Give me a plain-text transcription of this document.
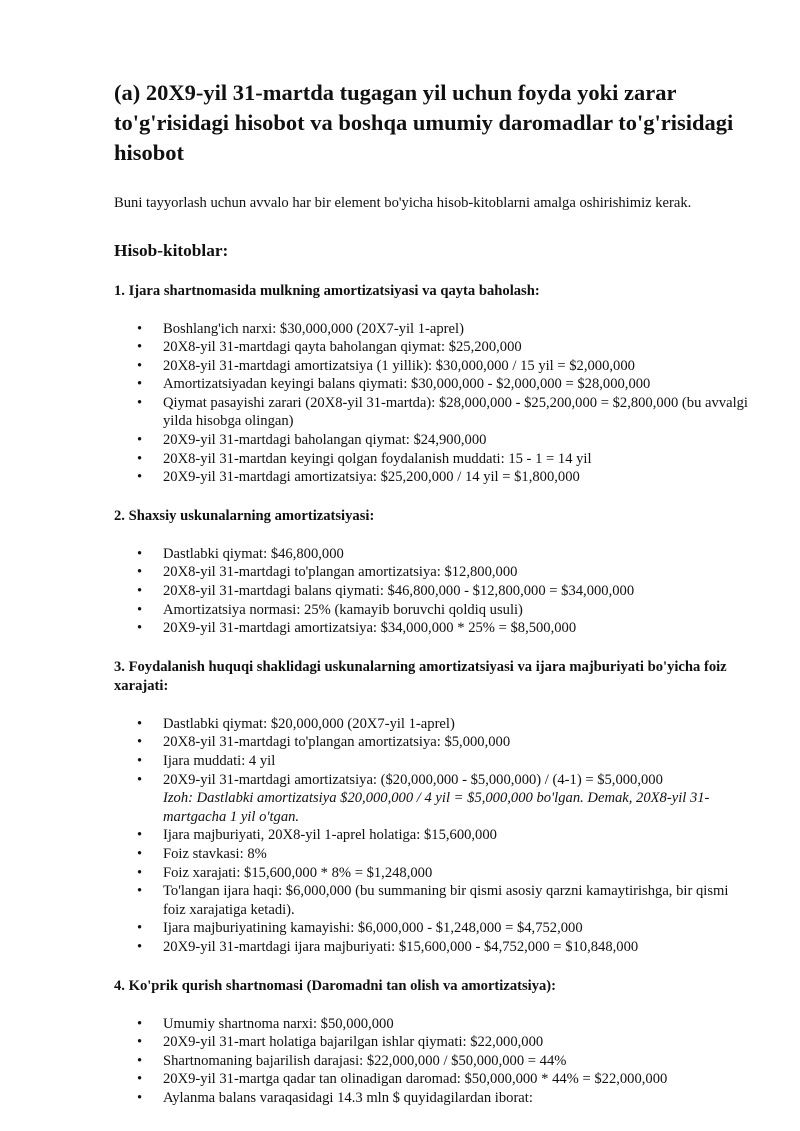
(a) 20X9-yil 31-martda tugagan yil uchun foyda yoki zarar to'g'risidagi hisobot va boshqa umumiy daromadlar to'g'risidagi hisobot

Buni tayyorlash uchun avvalo har bir element bo'yicha hisob-kitoblarni amalga oshirishimiz kerak.

Hisob-kitoblar:
1. Ijara shartnomasida mulkning amortizatsiyasi va qayta baholash:
• Boshlang'ich narxi: $30,000,000 (20X7-yil 1-aprel)
• 20X8-yil 31-martdagi qayta baholangan qiymat: $25,200,000
• 20X8-yil 31-martdagi amortizatsiya (1 yillik): $30,000,000 / 15 yil = $2,000,000
• Amortizatsiyadan keyingi balans qiymati: $30,000,000 - $2,000,000 = $28,000,000
• Qiymat pasayishi zarari (20X8-yil 31-martda): $28,000,000 - $25,200,000 = $2,800,000 (bu avvalgi yilda hisobga olingan)
• 20X9-yil 31-martdagi baholangan qiymat: $24,900,000
• 20X8-yil 31-martdan keyingi qolgan foydalanish muddati: 15 - 1 = 14 yil
• 20X9-yil 31-martdagi amortizatsiya: $25,200,000 / 14 yil = $1,800,000
2. Shaxsiy uskunalarning amortizatsiyasi:
• Dastlabki qiymat: $46,800,000
• 20X8-yil 31-martdagi to'plangan amortizatsiya: $12,800,000
• 20X8-yil 31-martdagi balans qiymati: $46,800,000 - $12,800,000 = $34,000,000
• Amortizatsiya normasi: 25% (kamayib boruvchi qoldiq usuli)
• 20X9-yil 31-martdagi amortizatsiya: $34,000,000 * 25% = $8,500,000
3. Foydalanish huquqi shaklidagi uskunalarning amortizatsiyasi va ijara majburiyati bo'yicha foiz xarajati:
• Dastlabki qiymat: $20,000,000 (20X7-yil 1-aprel)
• 20X8-yil 31-martdagi to'plangan amortizatsiya: $5,000,000
• Ijara muddati: 4 yil
• 20X9-yil 31-martdagi amortizatsiya: ($20,000,000 - $5,000,000) / (4-1) = $5,000,000
Izoh: Dastlabki amortizatsiya $20,000,000 / 4 yil = $5,000,000 bo'lgan. Demak, 20X8-yil 31-martgacha 1 yil o'tgan.
• Ijara majburiyati, 20X8-yil 1-aprel holatiga: $15,600,000
• Foiz stavkasi: 8%
• Foiz xarajati: $15,600,000 * 8% = $1,248,000
• To'langan ijara haqi: $6,000,000 (bu summaning bir qismi asosiy qarzni kamaytirishga, bir qismi foiz xarajatiga ketadi).
• Ijara majburiyatining kamayishi: $6,000,000 - $1,248,000 = $4,752,000
• 20X9-yil 31-martdagi ijara majburiyati: $15,600,000 - $4,752,000 = $10,848,000
4. Ko'prik qurish shartnomasi (Daromadni tan olish va amortizatsiya):
• Umumiy shartnoma narxi: $50,000,000
• 20X9-yil 31-mart holatiga bajarilgan ishlar qiymati: $22,000,000
• Shartnomaning bajarilish darajasi: $22,000,000 / $50,000,000 = 44%
• 20X9-yil 31-martga qadar tan olinadigan daromad: $50,000,000 * 44% = $22,000,000
• Aylanma balans varaqasidagi 14.3 mln $ quyidagilardan iborat:
